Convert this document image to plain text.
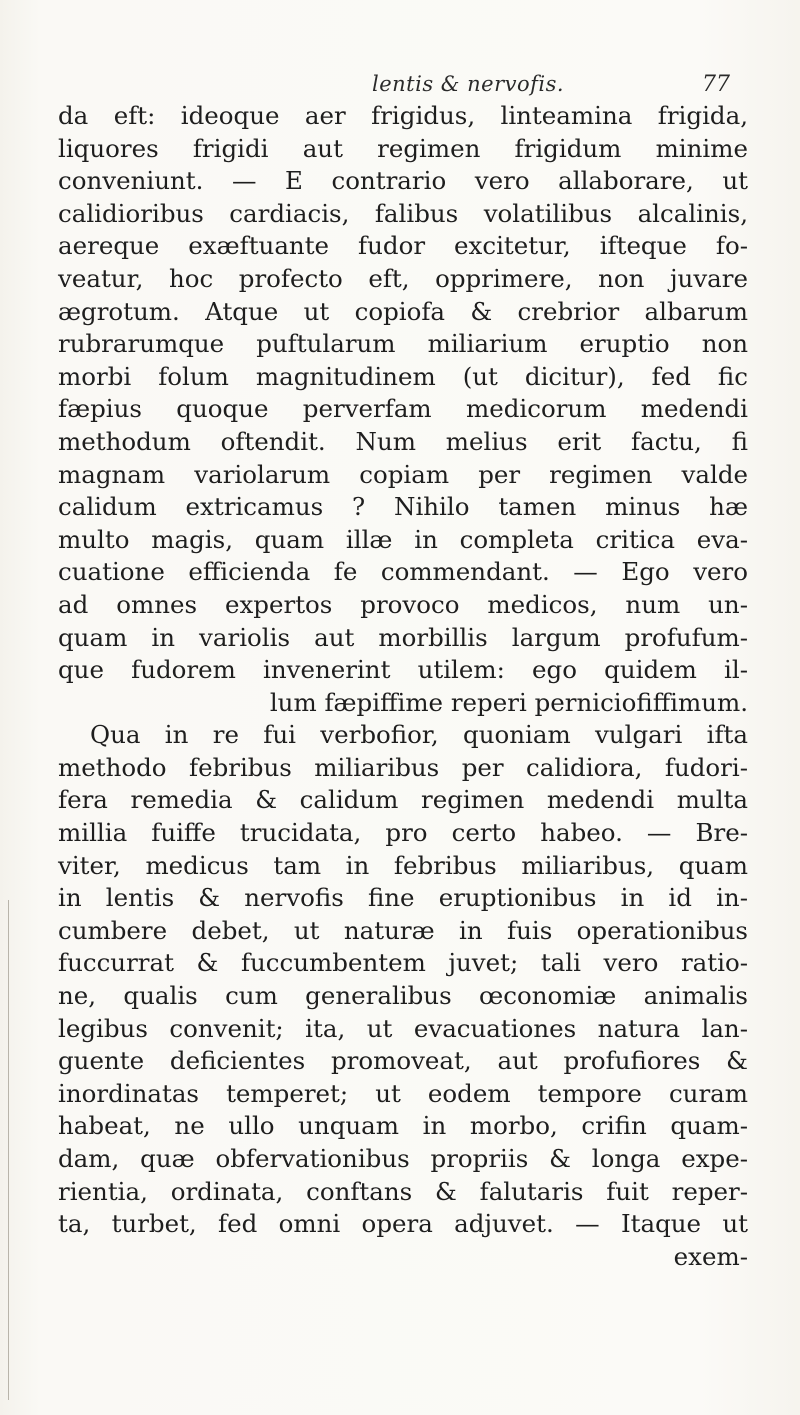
lentis & nervofis.	77
da eft: ideoque aer frigidus, linteamina frigida,
liquores frigidi aut regimen frigidum minime
conveniunt. — E contrario vero allaborare, ut
calidioribus cardiacis, falibus volatilibus alcalinis,
aereque exæftuante fudor excitetur, ifteque fo-
veatur, hoc profecto eft, opprimere, non juvare
ægrotum. Atque ut copiofa & crebrior albarum
rubrarumque puftularum miliarium eruptio non
morbi folum magnitudinem (ut dicitur), fed fic
fæpius quoque perverfam medicorum medendi
methodum oftendit. Num melius erit factu, fi
magnam variolarum copiam per regimen valde
calidum extricamus ? Nihilo tamen minus hæ
multo magis, quam illæ in completa critica eva-
cuatione efficienda fe commendant. — Ego vero
ad omnes expertos provoco medicos, num un-
quam in variolis aut morbillis largum profufum-
que fudorem invenerint utilem: ego quidem il-
lum fæpiffime reperi perniciofiffimum.
Qua in re fui verbofior, quoniam vulgari ifta
methodo febribus miliaribus per calidiora, fudori-
fera remedia & calidum regimen medendi multa
millia fuiffe trucidata, pro certo habeo. — Bre-
viter, medicus tam in febribus miliaribus, quam
in lentis & nervofis fine eruptionibus in id in-
cumbere debet, ut naturæ in fuis operationibus
fuccurrat & fuccumbentem juvet; tali vero ratio-
ne, qualis cum generalibus œconomiæ animalis
legibus convenit; ita, ut evacuationes natura lan-
guente deficientes promoveat, aut profufiores &
inordinatas temperet; ut eodem tempore curam
habeat, ne ullo unquam in morbo, crifin quam-
dam, quæ obfervationibus propriis & longa expe-
rientia, ordinata, conftans & falutaris fuit reper-
ta, turbet, fed omni opera adjuvet. — Itaque ut
exem-
